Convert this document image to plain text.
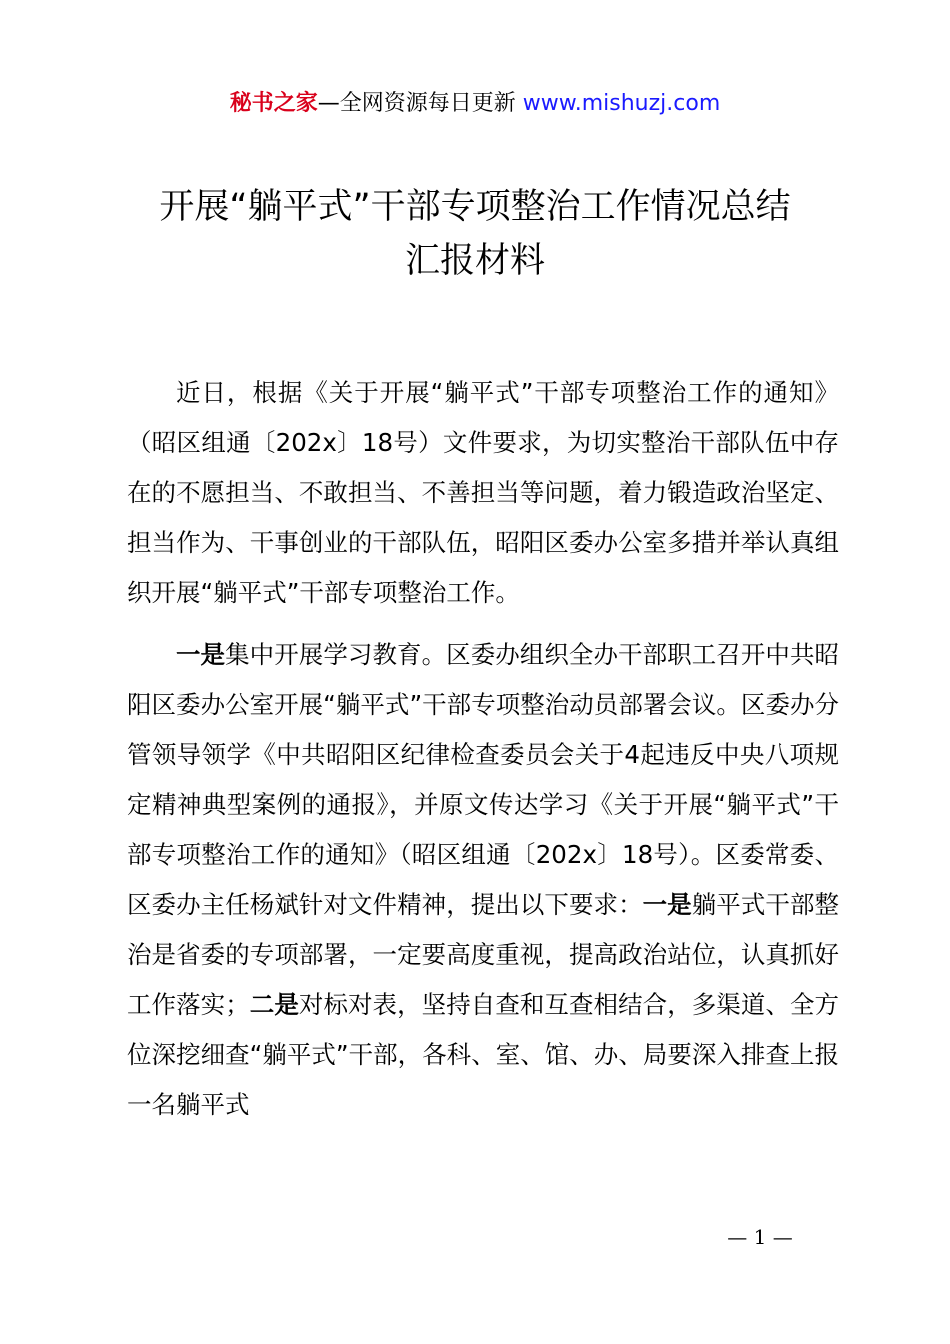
秘书之家—全网资源每日更新 www.mishuzj.com
开展“躺平式”干部专项整治工作情况总结
汇报材料

近日，根据《关于开展“躺平式”干部专项整治工作的通知》（昭区组通〔202x〕18号）文件要求，为切实整治干部队伍中存在的不愿担当、不敢担当、不善担当等问题，着力锻造政治坚定、担当作为、干事创业的干部队伍，昭阳区委办公室多措并举认真组织开展“躺平式”干部专项整治工作。

一是集中开展学习教育。区委办组织全办干部职工召开中共昭阳区委办公室开展“躺平式”干部专项整治动员部署会议。区委办分管领导领学《中共昭阳区纪律检查委员会关于4起违反中央八项规定精神典型案例的通报》，并原文传达学习《关于开展“躺平式”干部专项整治工作的通知》（昭区组通〔202x〕18号）。区委常委、区委办主任杨斌针对文件精神，提出以下要求：一是躺平式干部整治是省委的专项部署，一定要高度重视，提高政治站位，认真抓好工作落实；二是对标对表，坚持自查和互查相结合，多渠道、全方位深挖细查“躺平式”干部，各科、室、馆、办、局要深入排查上报一名躺平式

— 1 —
